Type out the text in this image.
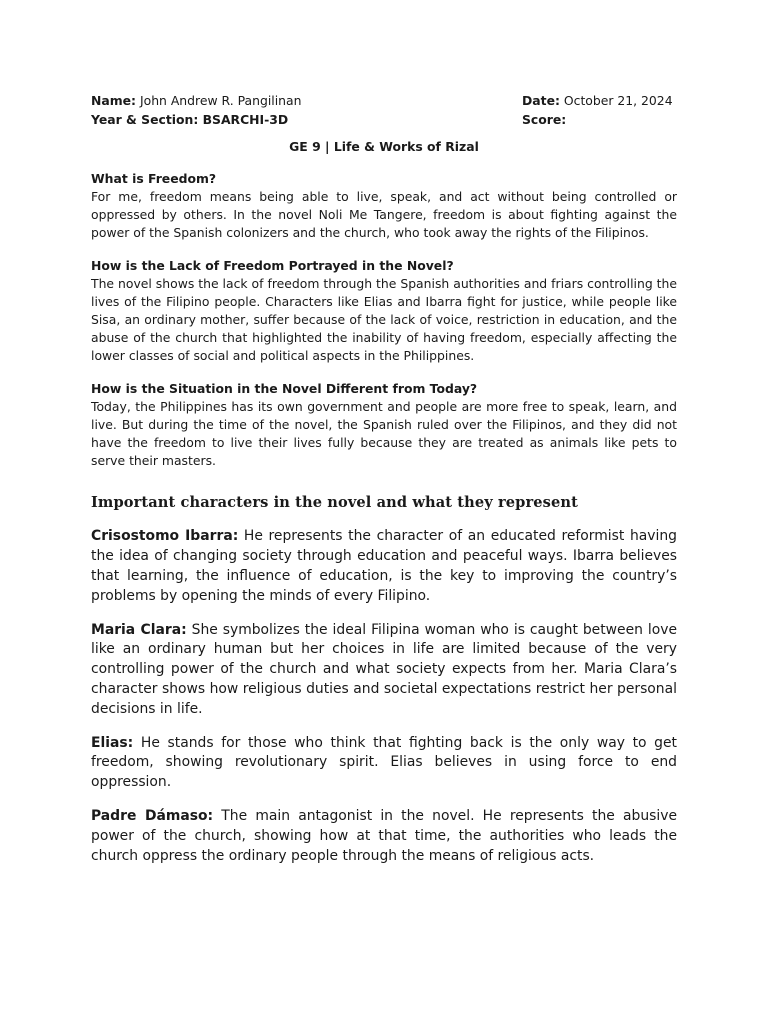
Name: John Andrew R. Pangilinan	Date: October 21, 2024
Year & Section: BSARCHI-3D	Score:
GE 9 | Life & Works of Rizal
What is Freedom?
For me, freedom means being able to live, speak, and act without being controlled or oppressed by others. In the novel Noli Me Tangere, freedom is about fighting against the power of the Spanish colonizers and the church, who took away the rights of the Filipinos.
How is the Lack of Freedom Portrayed in the Novel?
The novel shows the lack of freedom through the Spanish authorities and friars controlling the lives of the Filipino people. Characters like Elias and Ibarra fight for justice, while people like Sisa, an ordinary mother, suffer because of the lack of voice, restriction in education, and the abuse of the church that highlighted the inability of having freedom, especially affecting the lower classes of social and political aspects in the Philippines.
How is the Situation in the Novel Different from Today?
Today, the Philippines has its own government and people are more free to speak, learn, and live. But during the time of the novel, the Spanish ruled over the Filipinos, and they did not have the freedom to live their lives fully because they are treated as animals like pets to serve their masters.
Important characters in the novel and what they represent
Crisostomo Ibarra: He represents the character of an educated reformist having the idea of changing society through education and peaceful ways. Ibarra believes that learning, the influence of education, is the key to improving the country’s problems by opening the minds of every Filipino.
Maria Clara: She symbolizes the ideal Filipina woman who is caught between love like an ordinary human but her choices in life are limited because of the very controlling power of the church and what society expects from her. Maria Clara’s character shows how religious duties and societal expectations restrict her personal decisions in life.
Elias: He stands for those who think that fighting back is the only way to get freedom, showing revolutionary spirit. Elias believes in using force to end oppression.
Padre Dámaso: The main antagonist in the novel. He represents the abusive power of the church, showing how at that time, the authorities who leads the church oppress the ordinary people through the means of religious acts.
